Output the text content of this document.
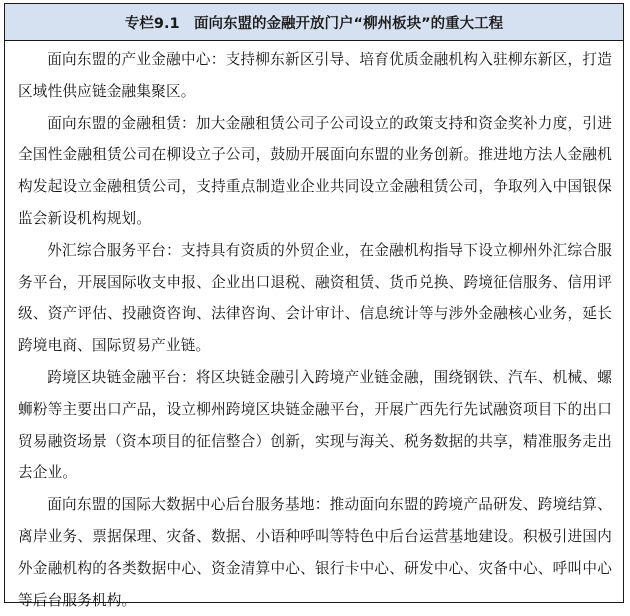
专栏9.1　面向东盟的金融开放门户“柳州板块”的重大工程

面向东盟的产业金融中心：支持柳东新区引导、培育优质金融机构入驻柳东新区，打造区域性供应链金融集聚区。

面向东盟的金融租赁：加大金融租赁公司子公司设立的政策支持和资金奖补力度，引进全国性金融租赁公司在柳设立子公司，鼓励开展面向东盟的业务创新。推进地方法人金融机构发起设立金融租赁公司，支持重点制造业企业共同设立金融租赁公司，争取列入中国银保监会新设机构规划。

外汇综合服务平台：支持具有资质的外贸企业，在金融机构指导下设立柳州外汇综合服务平台，开展国际收支申报、企业出口退税、融资租赁、货币兑换、跨境征信服务、信用评级、资产评估、投融资咨询、法律咨询、会计审计、信息统计等与涉外金融核心业务，延长跨境电商、国际贸易产业链。

跨境区块链金融平台：将区块链金融引入跨境产业链金融，围绕钢铁、汽车、机械、螺蛳粉等主要出口产品，设立柳州跨境区块链金融平台，开展广西先行先试融资项目下的出口贸易融资场景（资本项目的征信整合）创新，实现与海关、税务数据的共享，精准服务走出去企业。

面向东盟的国际大数据中心后台服务基地：推动面向东盟的跨境产品研发、跨境结算、离岸业务、票据保理、灾备、数据、小语种呼叫等特色中后台运营基地建设。积极引进国内外金融机构的各类数据中心、资金清算中心、银行卡中心、研发中心、灾备中心、呼叫中心等后台服务机构。
